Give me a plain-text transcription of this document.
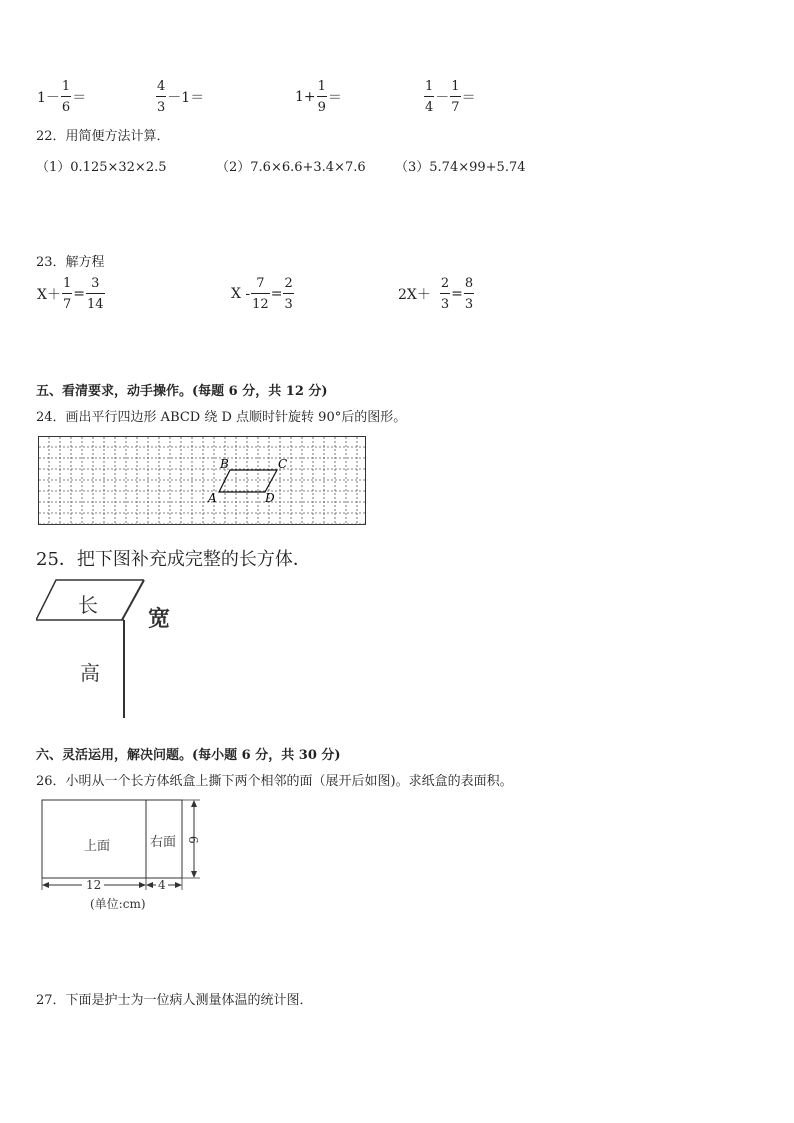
$1- \frac{1}{6}$ ＝	$\frac{4}{3} -1=$	$1+ \frac{1}{9}$ ＝	$\frac{1}{4} - \frac{1}{7}$ ＝
22．用简便方法计算．
（1）0.125×32×2.5	（2）7.6×6.6+3.4×7.6 （3）5.74×99+5.74
23．解方程
$X+ \frac{1}{7} = \frac{3}{14}$	$X - \frac{7}{12} = \frac{2}{3}$	$2X+ \frac{2}{3} = \frac{8}{3}$
五、看清要求，动手操作。(每题 6 分，共 12 分)
24．画出平行四边形 ABCD 绕 D 点顺时针旋转 90°后的图形。
B	C
A	D
25．把下图补充成完整的长方体．
长
宽
高
六、灵活运用，解决问题。(每小题 6 分，共 30 分)
26．小明从一个长方体纸盒上撕下两个相邻的面（展开后如图)。求纸盒的表面积。
上面	右面 6
12	4
(单位:cm)
27．下面是护士为一位病人测量体温的统计图．
